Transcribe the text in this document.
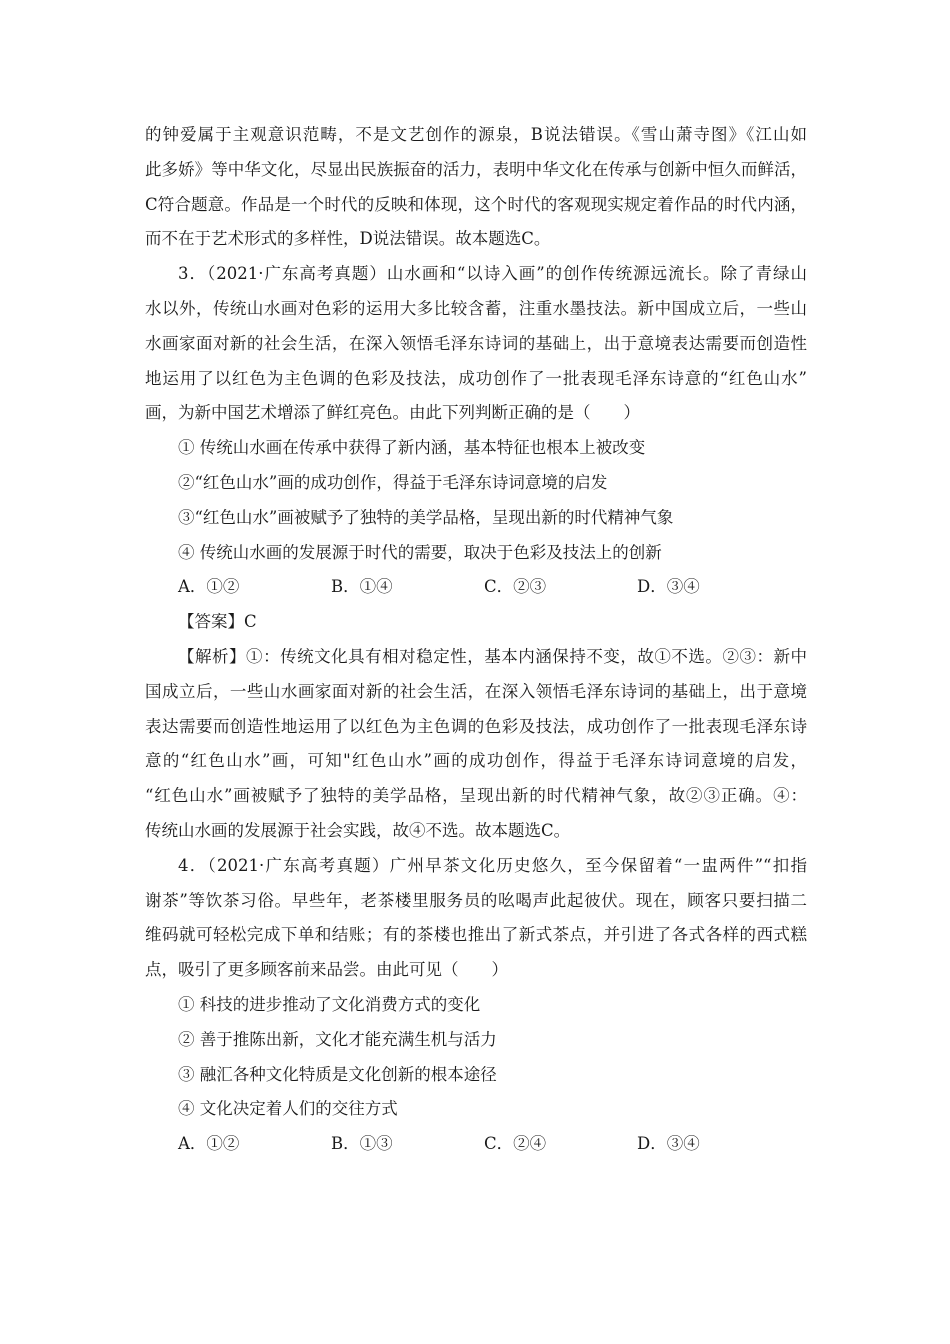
的钟爱属于主观意识范畴，不是文艺创作的源泉，B说法错误。《雪山萧寺图》《江山如
此多娇》等中华文化，尽显出民族振奋的活力，表明中华文化在传承与创新中恒久而鲜活，
C符合题意。作品是一个时代的反映和体现，这个时代的客观现实规定着作品的时代内涵，
而不在于艺术形式的多样性，D说法错误。故本题选C。
3．（2021·广东高考真题）山水画和“以诗入画”的创作传统源远流长。除了青绿山
水以外，传统山水画对色彩的运用大多比较含蓄，注重水墨技法。新中国成立后，一些山
水画家面对新的社会生活，在深入领悟毛泽东诗词的基础上，出于意境表达需要而创造性
地运用了以红色为主色调的色彩及技法，成功创作了一批表现毛泽东诗意的“红色山水”
画，为新中国艺术增添了鲜红亮色。由此下列判断正确的是（　　）
① 传统山水画在传承中获得了新内涵，基本特征也根本上被改变
②“红色山水”画的成功创作，得益于毛泽东诗词意境的启发
③“红色山水”画被赋予了独特的美学品格，呈现出新的时代精神气象
④ 传统山水画的发展源于时代的需要，取决于色彩及技法上的创新
A．①②	B．①④	C．②③	D．③④
【答案】C
【解析】①：传统文化具有相对稳定性，基本内涵保持不变，故①不选。②③：新中
国成立后，一些山水画家面对新的社会生活，在深入领悟毛泽东诗词的基础上，出于意境
表达需要而创造性地运用了以红色为主色调的色彩及技法，成功创作了一批表现毛泽东诗
意的“红色山水”画，可知"红色山水”画的成功创作，得益于毛泽东诗词意境的启发，
“红色山水”画被赋予了独特的美学品格，呈现出新的时代精神气象，故②③正确。④：
传统山水画的发展源于社会实践，故④不选。故本题选C。
4．（2021·广东高考真题）广州早茶文化历史悠久，至今保留着“一盅两件”“扣指
谢茶”等饮茶习俗。早些年，老茶楼里服务员的吆喝声此起彼伏。现在，顾客只要扫描二
维码就可轻松完成下单和结账；有的茶楼也推出了新式茶点，并引进了各式各样的西式糕
点，吸引了更多顾客前来品尝。由此可见（　　）
① 科技的进步推动了文化消费方式的变化
② 善于推陈出新，文化才能充满生机与活力
③ 融汇各种文化特质是文化创新的根本途径
④ 文化决定着人们的交往方式
A．①②	B．①③	C．②④	D．③④
